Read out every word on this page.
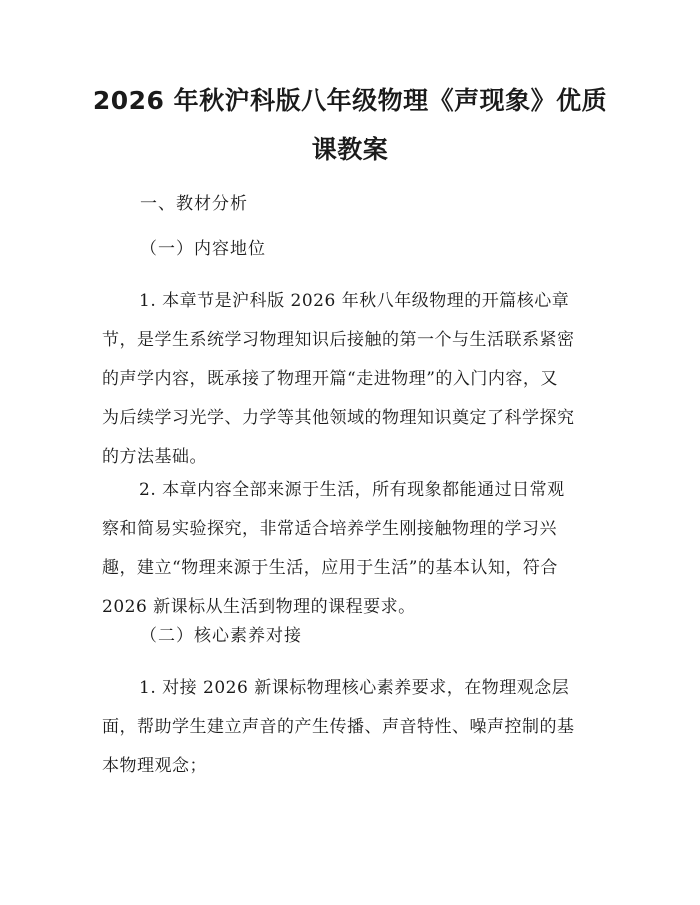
2026 年秋沪科版八年级物理《声现象》优质
课教案

一、教材分析

（一）内容地位

1. 本章节是沪科版 2026 年秋八年级物理的开篇核心章
节，是学生系统学习物理知识后接触的第一个与生活联系紧密
的声学内容，既承接了物理开篇“走进物理”的入门内容，又
为后续学习光学、力学等其他领域的物理知识奠定了科学探究
的方法基础。
2. 本章内容全部来源于生活，所有现象都能通过日常观
察和简易实验探究，非常适合培养学生刚接触物理的学习兴
趣，建立“物理来源于生活，应用于生活”的基本认知，符合
2026 新课标从生活到物理的课程要求。

（二）核心素养对接

1. 对接 2026 新课标物理核心素养要求，在物理观念层
面，帮助学生建立声音的产生传播、声音特性、噪声控制的基
本物理观念；
